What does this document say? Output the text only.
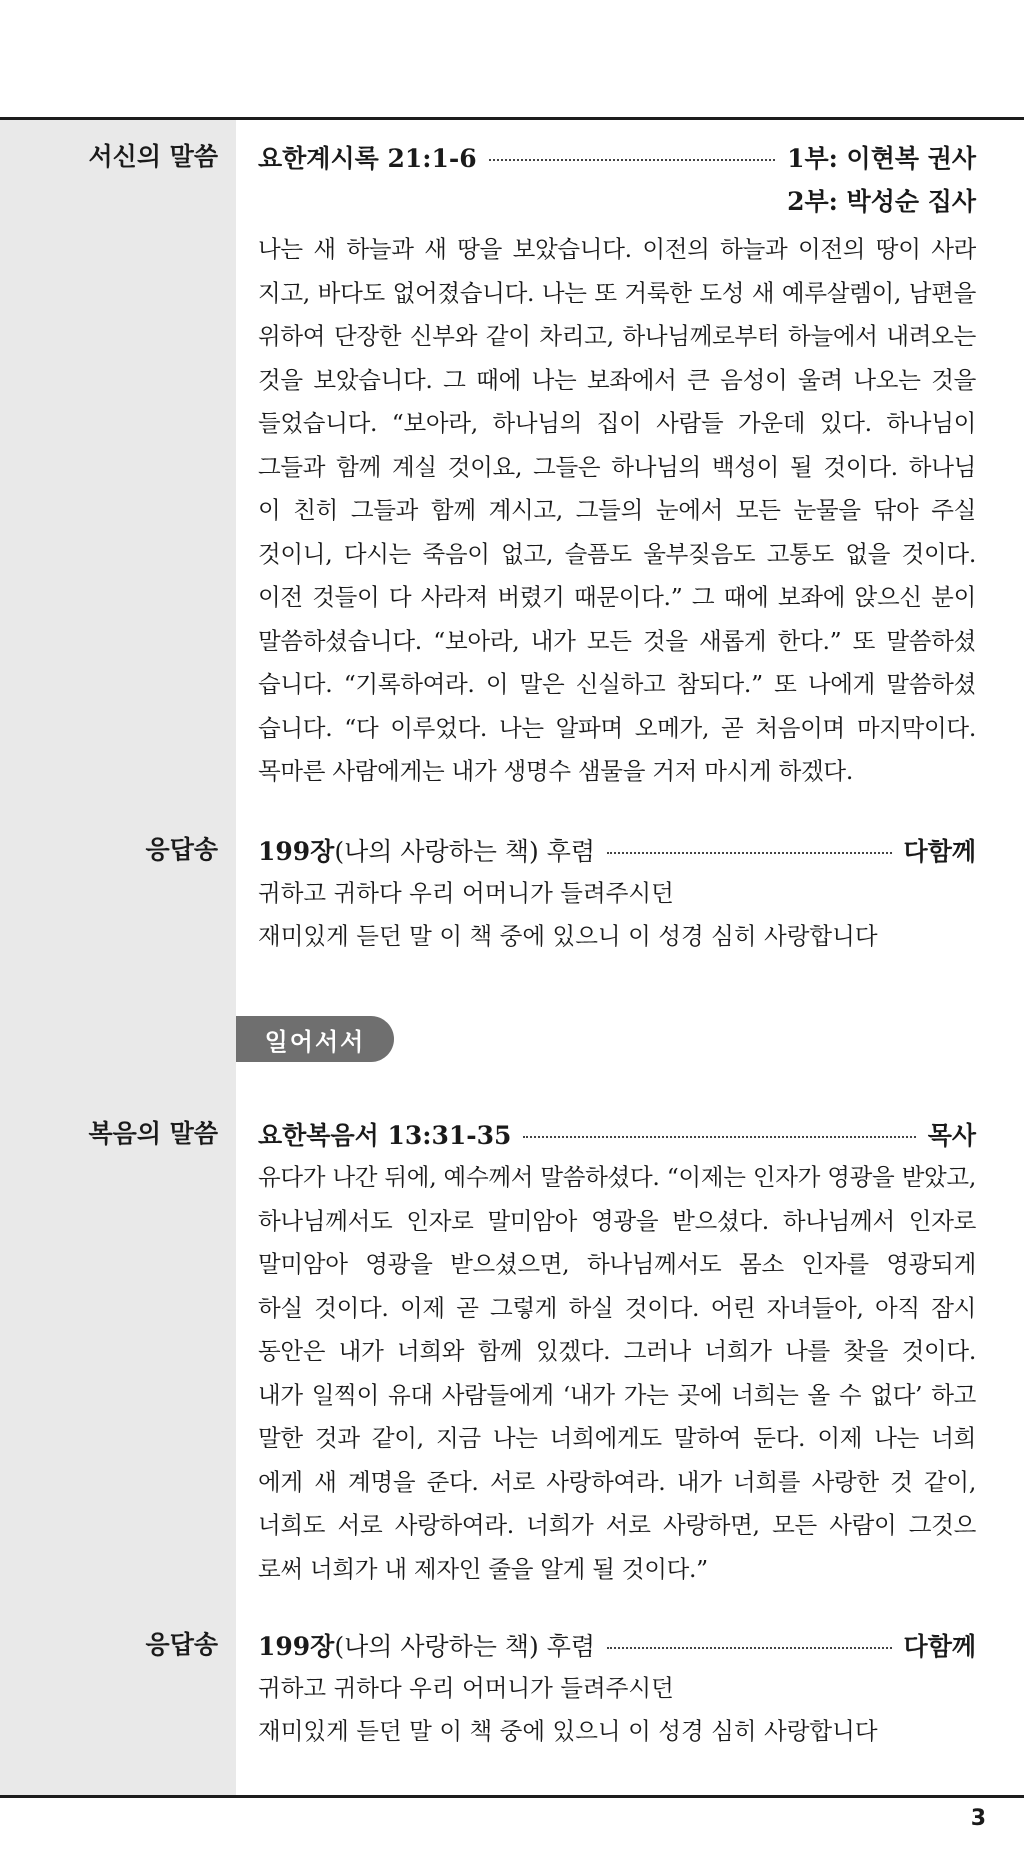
서신의 말씀 요한계시록 21:1-6	1부: 이현복 권사
2부: 박성순 집사
나는 새 하늘과 새 땅을 보았습니다. 이전의 하늘과 이전의 땅이 사라
지고, 바다도 없어졌습니다. 나는 또 거룩한 도성 새 예루살렘이, 남편을
위하여 단장한 신부와 같이 차리고, 하나님께로부터 하늘에서 내려오는
것을 보았습니다. 그 때에 나는 보좌에서 큰 음성이 울려 나오는 것을
들었습니다. “보아라, 하나님의 집이 사람들 가운데 있다. 하나님이
그들과 함께 계실 것이요, 그들은 하나님의 백성이 될 것이다. 하나님
이 친히 그들과 함께 계시고, 그들의 눈에서 모든 눈물을 닦아 주실
것이니, 다시는 죽음이 없고, 슬픔도 울부짖음도 고통도 없을 것이다.
이전 것들이 다 사라져 버렸기 때문이다.” 그 때에 보좌에 앉으신 분이
말씀하셨습니다. “보아라, 내가 모든 것을 새롭게 한다.” 또 말씀하셨
습니다. “기록하여라. 이 말은 신실하고 참되다.” 또 나에게 말씀하셨
습니다. “다 이루었다. 나는 알파며 오메가, 곧 처음이며 마지막이다.
목마른 사람에게는 내가 생명수 샘물을 거저 마시게 하겠다.
응답송 199장 (나의 사랑하는 책) 후렴	다함께
귀하고 귀하다 우리 어머니가 들려주시던
재미있게 듣던 말 이 책 중에 있으니 이 성경 심히 사랑합니다
일어서서
복음의 말씀 요한복음서 13:31-35	목사
유다가 나간 뒤에, 예수께서 말씀하셨다. “이제는 인자가 영광을 받았고,
하나님께서도 인자로 말미암아 영광을 받으셨다. 하나님께서 인자로
말미암아 영광을 받으셨으면, 하나님께서도 몸소 인자를 영광되게
하실 것이다. 이제 곧 그렇게 하실 것이다. 어린 자녀들아, 아직 잠시
동안은 내가 너희와 함께 있겠다. 그러나 너희가 나를 찾을 것이다.
내가 일찍이 유대 사람들에게 ‘내가 가는 곳에 너희는 올 수 없다’ 하고
말한 것과 같이, 지금 나는 너희에게도 말하여 둔다. 이제 나는 너희
에게 새 계명을 준다. 서로 사랑하여라. 내가 너희를 사랑한 것 같이,
너희도 서로 사랑하여라. 너희가 서로 사랑하면, 모든 사람이 그것으
로써 너희가 내 제자인 줄을 알게 될 것이다.”
응답송 199장 (나의 사랑하는 책) 후렴	다함께
귀하고 귀하다 우리 어머니가 들려주시던
재미있게 듣던 말 이 책 중에 있으니 이 성경 심히 사랑합니다
3
